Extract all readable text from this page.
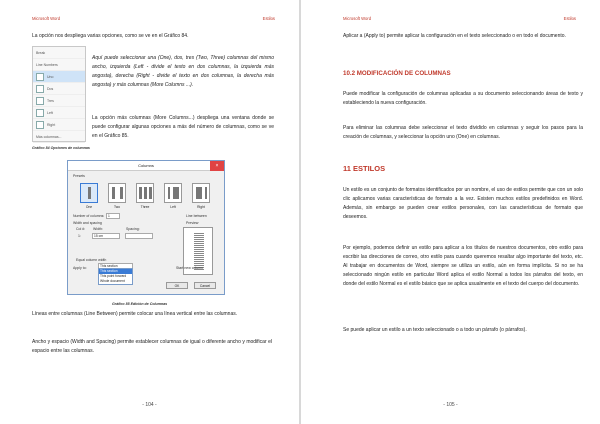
Microsoft Word	Estilos

La opción nos despliega varias opciones, como se ve en el Gráfico 84.

Break
Line Numbers
Uno
Dos
Tres
Left
Right
Más columnas...

Aquí puede seleccionar una (One), dos, tres (Two, Three) columnas del mismo ancho, izquierda (Left - divide el texto en dos columnas, la izquierda más angosta), derecha (Right - divide el texto en dos columnas, la derecha más angosta) y más columnas (More Columns ...).

La opción más columnas (More Columns...) despliega una ventana donde se puede configurar algunas opciones a más del número de columnas, como se ve en el Gráfico 85.

Gráfico 84 Opciones de columnas
Columns	×
Presets
One	Two	Three	Left	Right
Number of columns:	1	Line between
Width and spacing
Col #: Width:	Spacing:
1:	15 cm
Preview
Equal column width
Apply to:	This section
This section
This point forward
Whole document
Start new column
OK	Cancel
Gráfico 85 Edición de Columnas

Líneas entre columnas (Line Between) permite colocar una línea vertical entre las columnas.

Ancho y espacio (Width and Spacing) permite establecer columnas de igual o diferente ancho y modificar el espacio entre las columnas.

- 104 -
Microsoft Word	Estilos

Aplicar a (Apply to) permite aplicar la configuración en el texto seleccionado o en todo el documento.

10.2 MODIFICACIÓN DE COLUMNAS

Puede modificar la configuración de columnas aplicadas a su documento seleccionando áreas de texto y estableciendo la nueva configuración.

Para eliminar las columnas debe seleccionar el texto dividido en columnas y seguir los pasos para la creación de columnas, y seleccionar la opción uno (One) en columnas.

11 ESTILOS

Un estilo es un conjunto de formatos identificados por un nombre, el uso de estilos permite que con un solo clic aplicamos varias características de formato a la vez. Existen muchos estilos predefinidos en Word. Además, sin embargo se pueden crear estilos personales, con las características de formato que deseemos.

Por ejemplo, podemos definir un estilo para aplicar a los títulos de nuestros documentos, otro estilo para escribir las direcciones de correo, otro estilo para cuando queremos resaltar algo importante del texto, etc. Al trabajar en documentos de Word, siempre se utiliza un estilo, aún en forma implícita. Si no se ha seleccionado ningún estilo en particular Word aplica el estilo Normal a todos los párrafos del texto, en donde del estilo Normal es el estilo básico que se aplica usualmente en el texto del cuerpo del documento.

Se puede aplicar un estilo a un texto seleccionado o a todo un párrafo (o párrafos).

- 105 -
